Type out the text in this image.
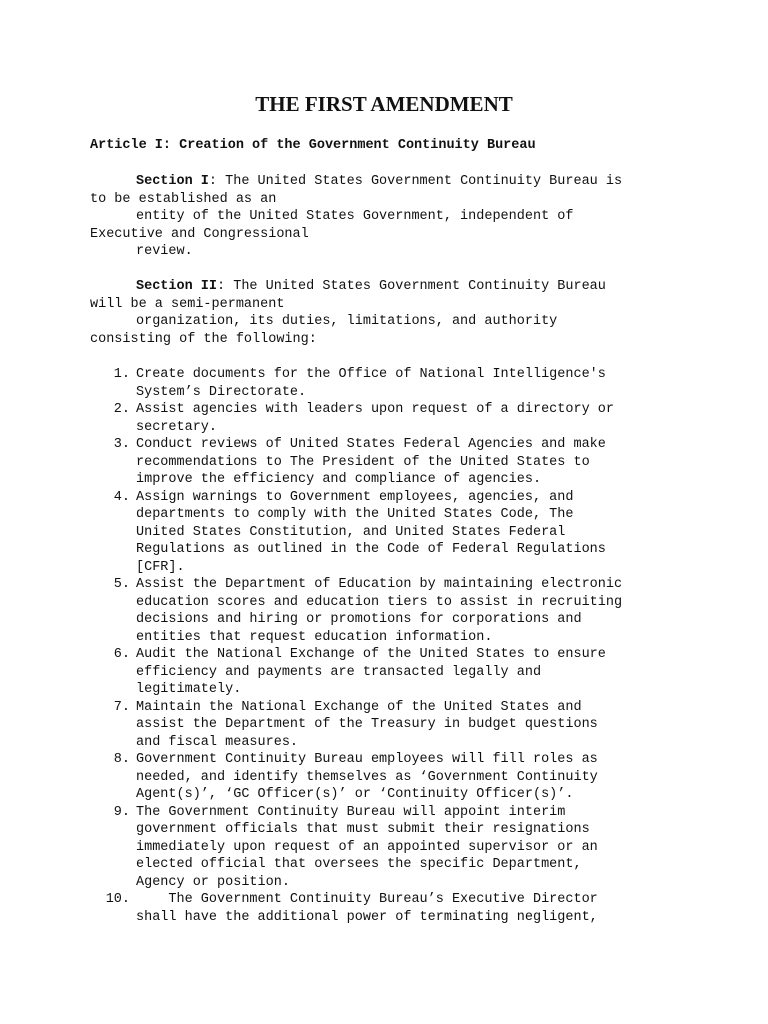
THE FIRST AMENDMENT
Article I: Creation of the Government Continuity Bureau
Section I: The United States Government Continuity Bureau is
to be established as an
entity of the United States Government, independent of
Executive and Congressional
review.
Section II: The United States Government Continuity Bureau
will be a semi-permanent
organization, its duties, limitations, and authority
consisting of the following:
1. Create documents for the Office of National Intelligence's
System’s Directorate.
2. Assist agencies with leaders upon request of a directory or
secretary.
3. Conduct reviews of United States Federal Agencies and make
recommendations to The President of the United States to
improve the efficiency and compliance of agencies.
4. Assign warnings to Government employees, agencies, and
departments to comply with the United States Code, The
United States Constitution, and United States Federal
Regulations as outlined in the Code of Federal Regulations
[CFR].
5. Assist the Department of Education by maintaining electronic
education scores and education tiers to assist in recruiting
decisions and hiring or promotions for corporations and
entities that request education information.
6. Audit the National Exchange of the United States to ensure
efficiency and payments are transacted legally and
legitimately.
7. Maintain the National Exchange of the United States and
assist the Department of the Treasury in budget questions
and fiscal measures.
8. Government Continuity Bureau employees will fill roles as
needed, and identify themselves as ‘Government Continuity
Agent(s)’, ‘GC Officer(s)’ or ‘Continuity Officer(s)’.
9. The Government Continuity Bureau will appoint interim
government officials that must submit their resignations
immediately upon request of an appointed supervisor or an
elected official that oversees the specific Department,
Agency or position.
10. The Government Continuity Bureau’s Executive Director
shall have the additional power of terminating negligent,
